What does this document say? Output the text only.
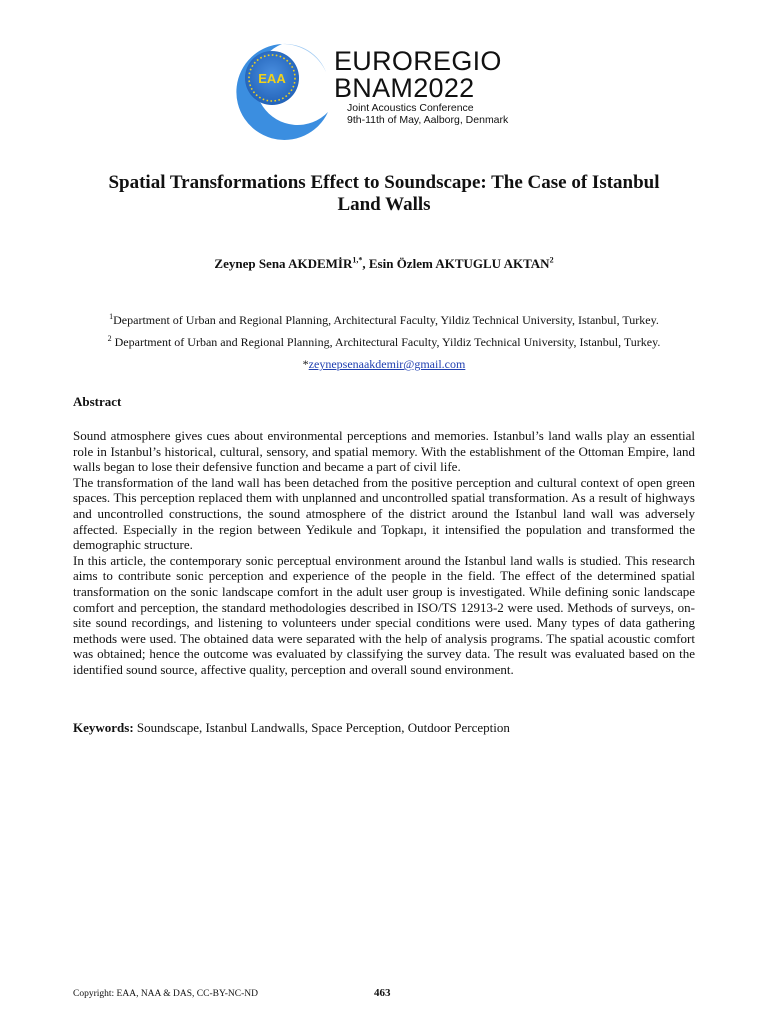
EAA
EUROREGIO
BNAM2022
Joint Acoustics Conference
9th-11th of May, Aalborg, Denmark
Spatial Transformations Effect to Soundscape: The Case of Istanbul
Land Walls
Zeynep Sena $AKDEMİR^{1,*}$, Esin Özlem AKTUGLU AKTAN$^2$
$^1$Department of Urban and Regional Planning, Architectural Faculty, Yildiz Technical University, Istanbul, Turkey.
$^2$ Department of Urban and Regional Planning, Architectural Faculty, Yildiz Technical University, Istanbul, Turkey.
*zeynepsenaakdemir@gmail.com
Abstract

Sound atmosphere gives cues about environmental perceptions and memories. Istanbul’s land walls play an essential role in Istanbul’s historical, cultural, sensory, and spatial memory. With the establishment of the Ottoman Empire, land walls began to lose their defensive function and became a part of civil life.

The transformation of the land wall has been detached from the positive perception and cultural context of open green spaces. This perception replaced them with unplanned and uncontrolled spatial transformation. As a result of highways and uncontrolled constructions, the sound atmosphere of the district around the Istanbul land wall was adversely affected. Especially in the region between Yedikule and Topkapı, it intensified the population and transformed the demographic structure.

In this article, the contemporary sonic perceptual environment around the Istanbul land walls is studied. This research aims to contribute sonic perception and experience of the people in the field. The effect of the determined spatial transformation on the sonic landscape comfort in the adult user group is investigated. While defining sonic landscape comfort and perception, the standard methodologies described in ISO/TS 12913-2 were used. Methods of surveys, on-site sound recordings, and listening to volunteers under special conditions were used. Many types of data gathering methods were used. The obtained data were separated with the help of analysis programs. The spatial acoustic comfort was obtained; hence the outcome was evaluated by classifying the survey data. The result was evaluated based on the identified sound source, affective quality, perception and overall sound environment.

Keywords: Soundscape, Istanbul Landwalls, Space Perception, Outdoor Perception
Copyright: EAA, NAA & DAS, CC-BY-NC-ND	463
